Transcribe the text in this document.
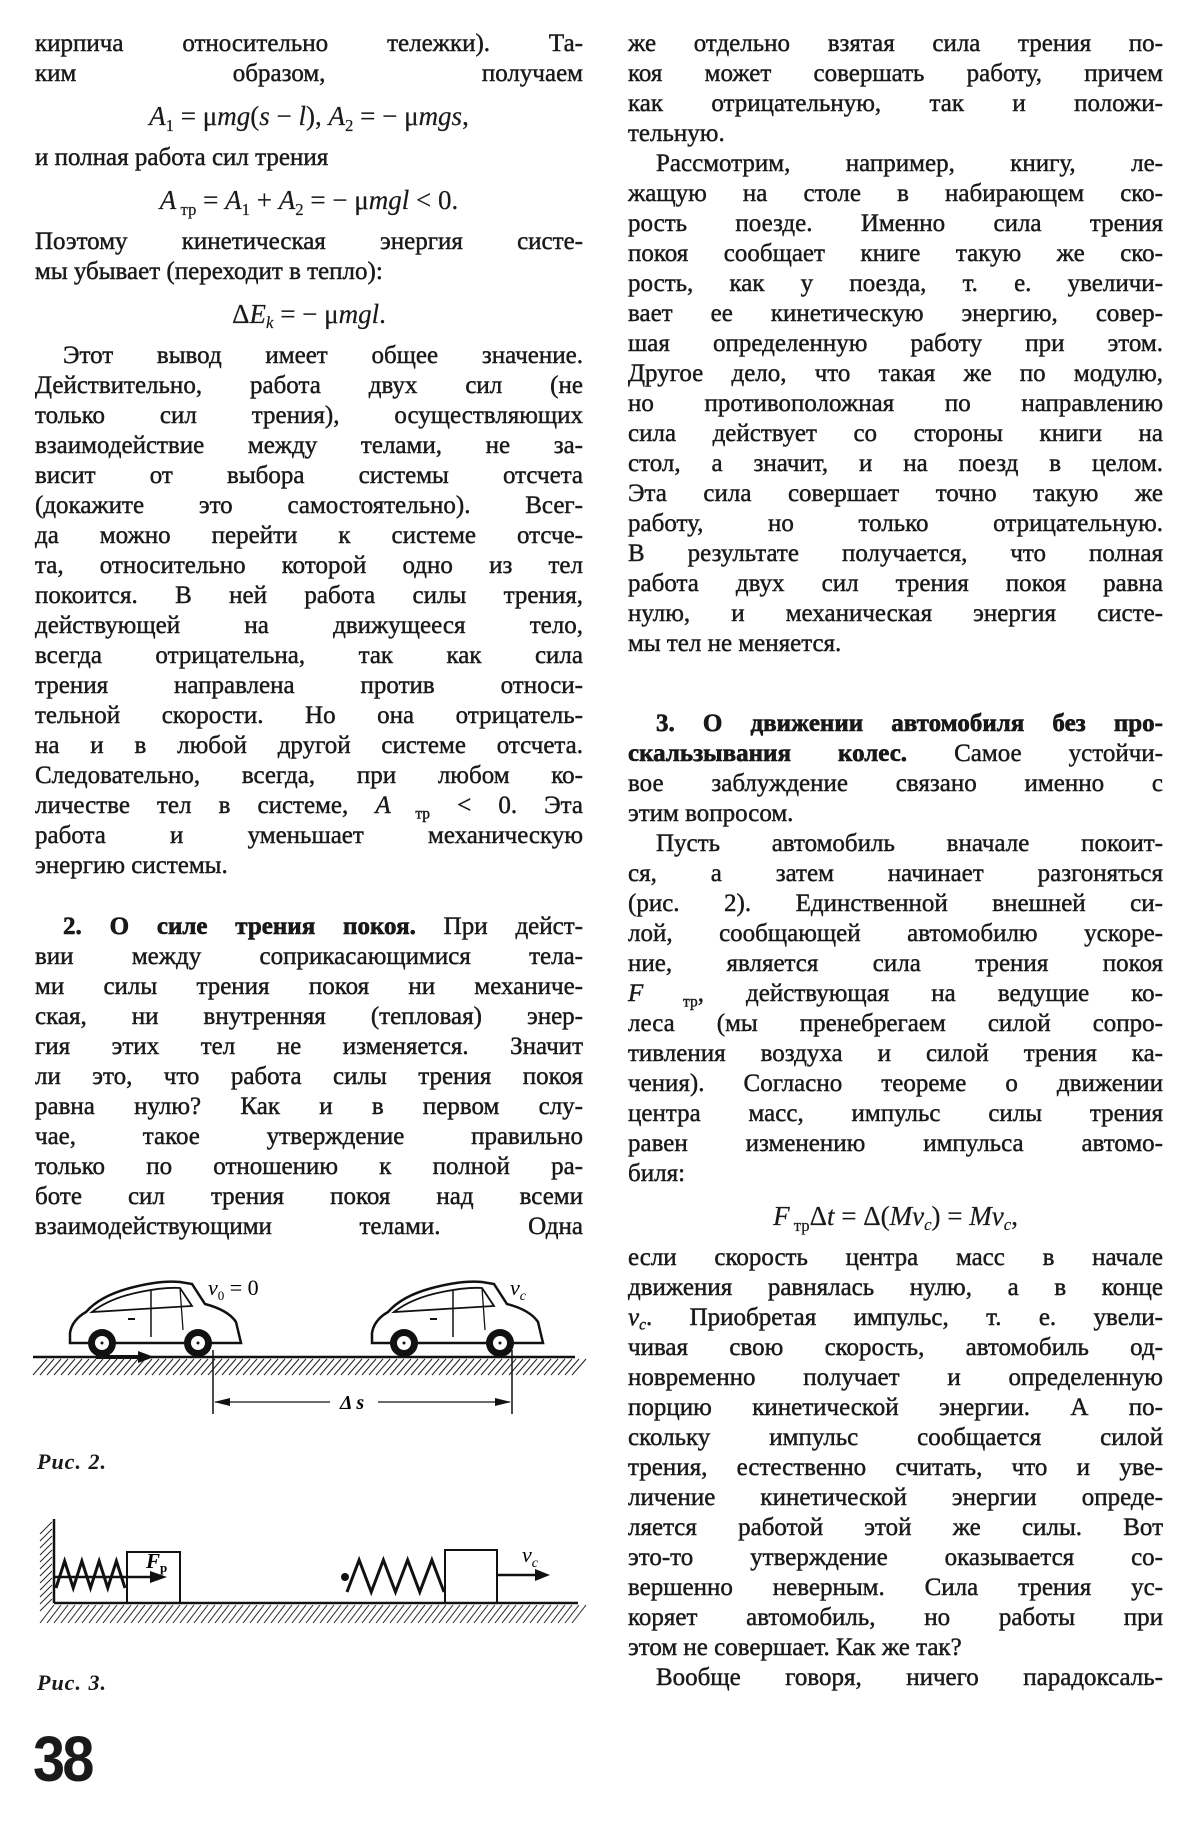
кирпича относительно тележки). Та-
ким образом, получаем
$A_1 = \mu mg(s - l)$, $A_2$ = − μmgs,
и полная работа сил трения
A $_{тр} = A_1 + A_2$ = − μmgl < 0.
Поэтому кинетическая энергия систе-
мы убывает (переходит в тепло):
ΔEk = − μmgl.
Этот вывод имеет общее значение.
Действительно, работа двух сил (не
только сил трения), осуществляющих
взаимодействие между телами, не за-
висит от выбора системы отсчета
(докажите это самостоятельно). Всег-
да можно перейти к системе отсче-
та, относительно которой одно из тел
покоится. В ней работа силы трения,
действующей на движущееся тело,
всегда отрицательна, так как сила
трения направлена против относи-
тельной скорости. Но она отрицатель-
на и в любой другой системе отсчета.
Следовательно, всегда, при любом ко-
личестве тел в системе, A $_{тр}$ < 0. Эта
работа и уменьшает механическую
энергию системы.
2. О силе трения покоя. При дейст-
вии между соприкасающимися тела-
ми силы трения покоя ни механиче-
ская, ни внутренняя (тепловая) энер-
гия этих тел не изменяется. Значит
ли это, что работа силы трения покоя
равна нулю? Как и в первом слу-
чае, такое утверждение правильно
только по отношению к полной ра-
боте сил трения покоя над всеми
взаимодействующими телами. Одна
же отдельно взятая сила трения по-
коя может совершать работу, причем
как отрицательную, так и положи-
тельную.
Рассмотрим, например, книгу, ле-
жащую на столе в набирающем ско-
рость поезде. Именно сила трения
покоя сообщает книге такую же ско-
рость, как у поезда, т. е. увеличи-
вает ее кинетическую энергию, совер-
шая определенную работу при этом.
Другое дело, что такая же по модулю,
но противоположная по направлению
сила действует со стороны книги на
стол, а значит, и на поезд в целом.
Эта сила совершает точно такую же
работу, но только отрицательную.
В результате получается, что полная
работа двух сил трения покоя равна
нулю, и механическая энергия систе-
мы тел не меняется.
3. О движении автомобиля без про-
скальзывания колес. Самое устойчи-
вое заблуждение связано именно с
этим вопросом.
Пусть автомобиль вначале покоит-
ся, а затем начинает разгоняться
(рис. 2). Единственной внешней си-
лой, сообщающей автомобилю ускоре-
ние, является сила трения покоя
F $_{тр}$, действующая на ведущие ко-
леса (мы пренебрегаем силой сопро-
тивления воздуха и силой трения ка-
чения). Согласно теореме о движении
центра масс, импульс силы трения
равен изменению импульса автомо-
биля:
F $_{тр}$Δt = Δ(Mvc) = Mvc,
если скорость центра масс в начале
движения равнялась нулю, а в конце
vc. Приобретая импульс, т. е. увели-
чивая свою скорость, автомобиль од-
новременно получает и определенную
порцию кинетической энергии. А по-
скольку импульс сообщается силой
трения, естественно считать, что и уве-
личение кинетической энергии опреде-
ляется работой этой же силы. Вот
это-то утверждение оказывается со-
вершенно неверным. Сила трения ус-
коряет автомобиль, но работы при
этом не совершает. Как же так?
Вообще говоря, ничего парадоксаль-
$v_0 = 0$	$v_c$
Δ s
Fр
$v_c$
Рис. 2.
Рис. 3.
38
